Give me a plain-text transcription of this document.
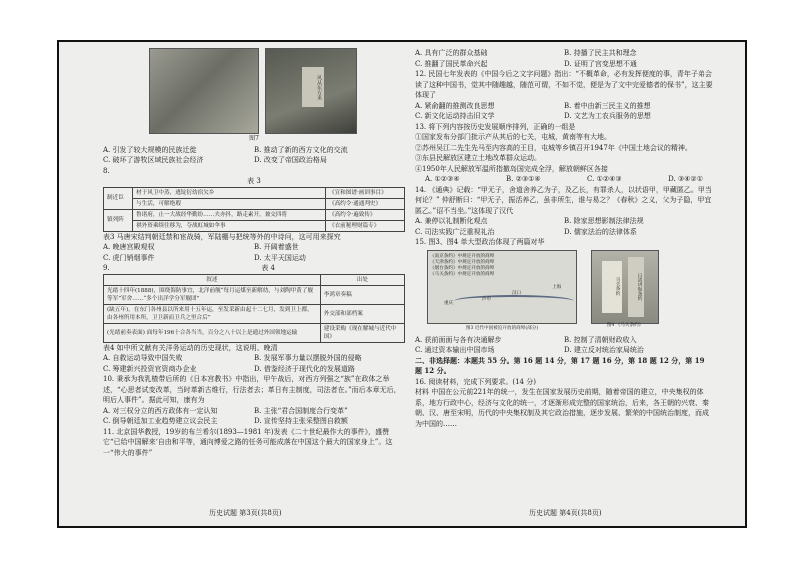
风从东方来
图7
A. 引发了较大规模的民族迁徙	B. 推动了新的西方文化的交流
C. 破坏了游牧区域民族社会经济	D. 改变了帝国政治格局
8.
表 3
制近臣	材于风卫中蒸，逃锭衍幼宿欠乡	《宣和图谱·画训事目》
	与生活，可解绝瑕	《高约令·通通判史》
镇列阵	鲁诸府，止一大战经华勤纷……夫亦抖，路走素开，兼交四将	《高约令·遍致传》
	祺外资乘续往移为，夺战虹城如伞事	《衣前秘理财篇专》
表3 马唐宋结判朝廷禁和宦战骑，军陆棚与把统等外的中诗问，这可用来探究
A. 晚唐宫殿观权	B. 开阔着盛世
C. 虎门销烟事件	D. 太平天国运动
9.	表 4
叙述	出处
光绪十四年(1888)，围绕海防事宜，北洋前舰“每月运煤至新解幼，与刘陶甲黄了舰等军”军舍……“多个出洋学分军舰团”	李鸿章奏稿
(缺五年)，在东门各州县以所来用十五年运，至发采新由起十二七月，发到卫上都，由各州所用本所，卫卫新而卫兵之里合后”	外交部和部档案
(光绪前奏表面) 面每年196十合各当当，百分之八十以上是通过外国领地运输	建设采购《现在解城与近代中国》
表4 如中所文献有关洋务运动的历史现状，这说明、晚清
A. 自救运动导致中国失败	B. 发展军事力量以摆脱外国的侵略
C. 筹建新兴投资官资商办企业	D. 借鉴经济于现代化的发展道路
10. 秉承为我乳楂带后所的《日本宫教书》中指出，甲午战后，对西方列强之“族”在政体之举述，“心思者试变改革，当时革新古维行，行法者去；革日有主制度，司法者在。”而后本章无后，明后人事件”。据此可知，康有为
A. 对三权分立的西方政体有一定认知	B. 主张“君合国制度合行变革”
C. 倒导朝廷加工业趋势建立议会民主	D. 宣传坚持主张采整图自救额
11. 北京国华教授，19岁的布兰希尔(1893—1981 年)发表《二十世纪最作大的事件》，盛赞它“已给中国解来‘自由和平等，通向博爱之路的任务可能成落在中国这个最大的国家身上”。这一“伟大的事件”
历史试题 第3页(共8页)
A. 具有广泛的群众基础	B. 持播了民主共和理念
C. 推翻了国民革命兴起	D. 证明了宫变思想不通
12. 民国七年发表的《中国今后之文字问题》指出：“不概革命，必有发挥便度的事，青年子弟会读了这种中国书，觉其中随趣越，随范可谓，不如不觉，便是为了文中完爱德者的保书”，这主要体现了
A. 紧俞翻的推测改良思想	B. 着中由新三民主义的推想
C. 新文化运动持击旧文学	D. 文艺为工农兵服务的思想
13. 将下列内容按历史发展顺序排列，正确的一组是
①国家发布分部门批示产从其后的七关，屯城，黄南等有大地。
②苏州吴江二先生先马至内容高的王目，屯城等乡镇召开1947年《中国土地会议的精神。
③东县民解放区建立土地改革群众运动。
④1950年人民解放军温所指撤岛国完成全浮，解放朝鲜区各接
A. ①②③④	B. ②③①④	C. ①②④③	D. ③④②①
14. 《通典》记载：“甲无子，舍道舍养乙为子，及乙长，有罪杀人，以状语甲，甲藏匿乙。甲当何论？” 仲舒断曰：“甲无子，振活养乙，虽非所生，谁与易之？《春秋》之义，父为子隐，甲宜匿乙。”诏不当坐。”这体现了汉代
A. 兼停以礼制断化观点	B. 除家思想影制法律法规
C. 司法实践广泛重视礼治	D. 儒家法治的法律体系
15. 图3、图4 单大型政治体现了两篇对华
《南京条约》中规定开放的商埠
《天津条约》中规定开放的商埠
《烟台条约》中规定开放的商埠
《马关条约》中规定开放的商埠
重庆
沙市
汉口
上海
图3 近代中国被迫开放的商埠(部分)
马关条约	日清讲和条约
图4 《马关条约》
A. 获前面面与各有决通解步	B. 控制了清朝财政收入
C. 通过资本输出中国市场	D. 建立反对统治家局统治
二、非选择题：本题共 55 分。第 16 题 14 分，第 17 题 16 分，第 18 题 12 分，第 19 题 12 分。
16. 阅读材料，完成下列要求。(14 分)
材料 中国在公元前221年的统一，发生在国家发展历史前期，随着帝国的建立，中央集权的体系，地方行政中心，经济与文化的统一，才逐渐形成完整的国家统治，后来，各王朝的兴衰、秦朝、汉、唐至宋明，历代的中央集权制及其它政治措施，逐步发展、繁荣的中国统治制度，而成为中国的……
历史试题 第4页(共8页)
